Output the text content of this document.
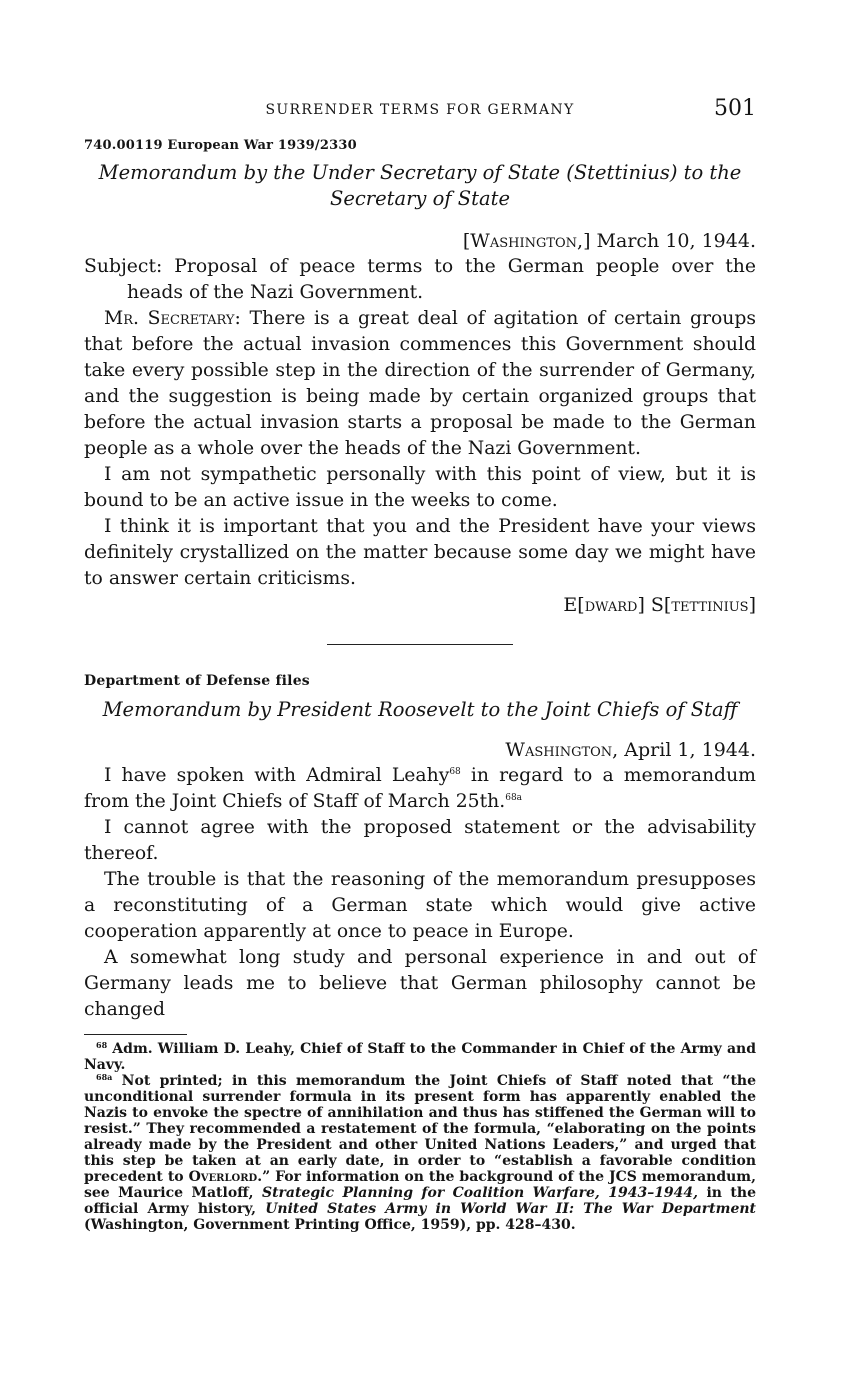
SURRENDER TERMS FOR GERMANY	501
740.00119 European War 1939/2330
Memorandum by the Under Secretary of State (Stettinius) to the
Secretary of State
[Washington,] March 10, 1944.

Subject: Proposal of peace terms to the German people over the heads of the Nazi Government.

Mr. Secretary: There is a great deal of agitation of certain groups that before the actual invasion commences this Government should take every possible step in the direction of the surrender of Germany, and the suggestion is being made by certain organized groups that before the actual invasion starts a proposal be made to the German people as a whole over the heads of the Nazi Government.

I am not sympathetic personally with this point of view, but it is bound to be an active issue in the weeks to come.

I think it is important that you and the President have your views definitely crystallized on the matter because some day we might have to answer certain criticisms.

E[dward] S[tettinius]
Department of Defense files
Memorandum by President Roosevelt to the Joint Chiefs of Staff
Washington, April 1, 1944.

I have spoken with Admiral Leahy$^{68}$ in regard to a memorandum from the Joint Chiefs of Staff of March 25th.$^{68a}$

I cannot agree with the proposed statement or the advisability thereof.

The trouble is that the reasoning of the memorandum presupposes a reconstituting of a German state which would give active cooperation apparently at once to peace in Europe.

A somewhat long study and personal experience in and out of Germany leads me to believe that German philosophy cannot be changed

$^{68}$ Adm. William D. Leahy, Chief of Staff to the Commander in Chief of the Army and Navy.

$^{68a}$ Not printed; in this memorandum the Joint Chiefs of Staff noted that “the unconditional surrender formula in its present form has apparently enabled the Nazis to envoke the spectre of annihilation and thus has stiffened the German will to resist.” They recommended a restatement of the formula, “elaborating on the points already made by the President and other United Nations Leaders,” and urged that this step be taken at an early date, in order to “establish a favorable condition precedent to Overlord.” For information on the background of the JCS memorandum, see Maurice Matloff, Strategic Planning for Coalition Warfare, 1943–1944, in the official Army history, United States Army in World War II: The War Department (Washington, Government Printing Office, 1959), pp. 428–430.
